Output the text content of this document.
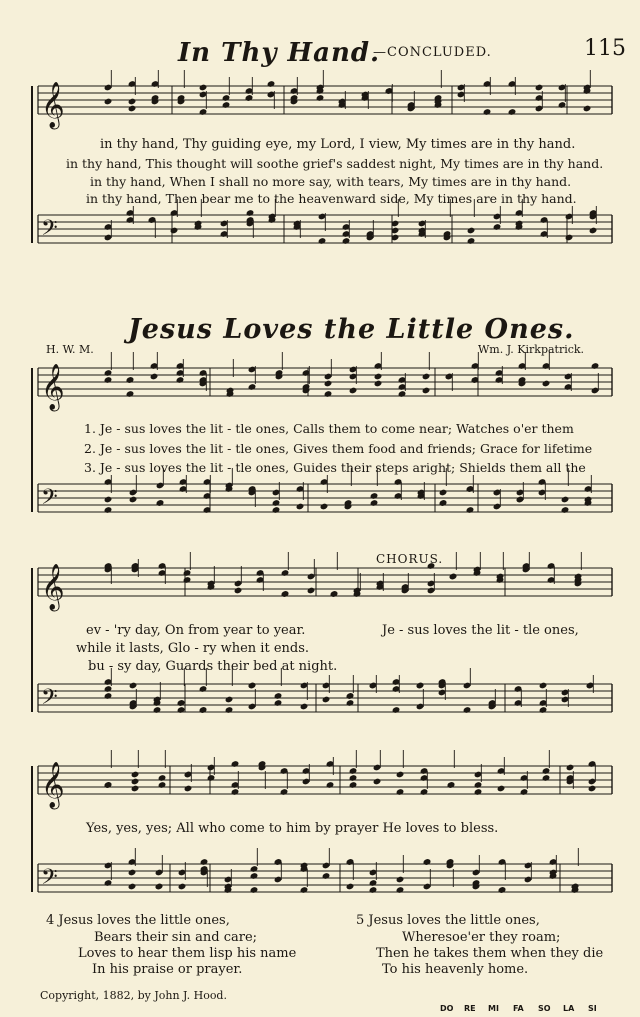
𝄞
𝄢
𝄞
𝄢
𝄞
𝄢
𝄞
𝄢
In Thy Hand.
—CONCLUDED.	115
in thy hand, Thy guiding eye, my Lord, I view, My times are in thy hand.
in thy hand, This thought will soothe grief's saddest night, My times are in thy hand.
in thy hand, When I shall no more say, with tears, My times are in thy hand.
in thy hand, Then bear me to the heavenward side, My times are in thy hand.
Jesus Loves the Little Ones.
H. W. M.	Wm. J. Kirkpatrick.
1. Je - sus loves the lit - tle ones, Calls them to come near; Watches o'er them
2. Je - sus loves the lit - tle ones, Gives them food and friends; Grace for lifetime
3. Je - sus loves the lit - tle ones, Guides their steps aright; Shields them all the
CHORUS.
ev - 'ry day, On from year to year.	Je - sus loves the lit - tle ones,
while it lasts, Glo - ry when it ends.
bu - sy day, Guards their bed at night.
Yes, yes, yes; All who come to him by prayer He loves to bless.
4 Jesus loves the little ones,
Bears their sin and care;
Loves to hear them lisp his name
In his praise or prayer.
5 Jesus loves the little ones,
Wheresoe'er they roam;
Then he takes them when they die
To his heavenly home.
Copyright, 1882, by John J. Hood.
DO RE MI FA SO LA SI
